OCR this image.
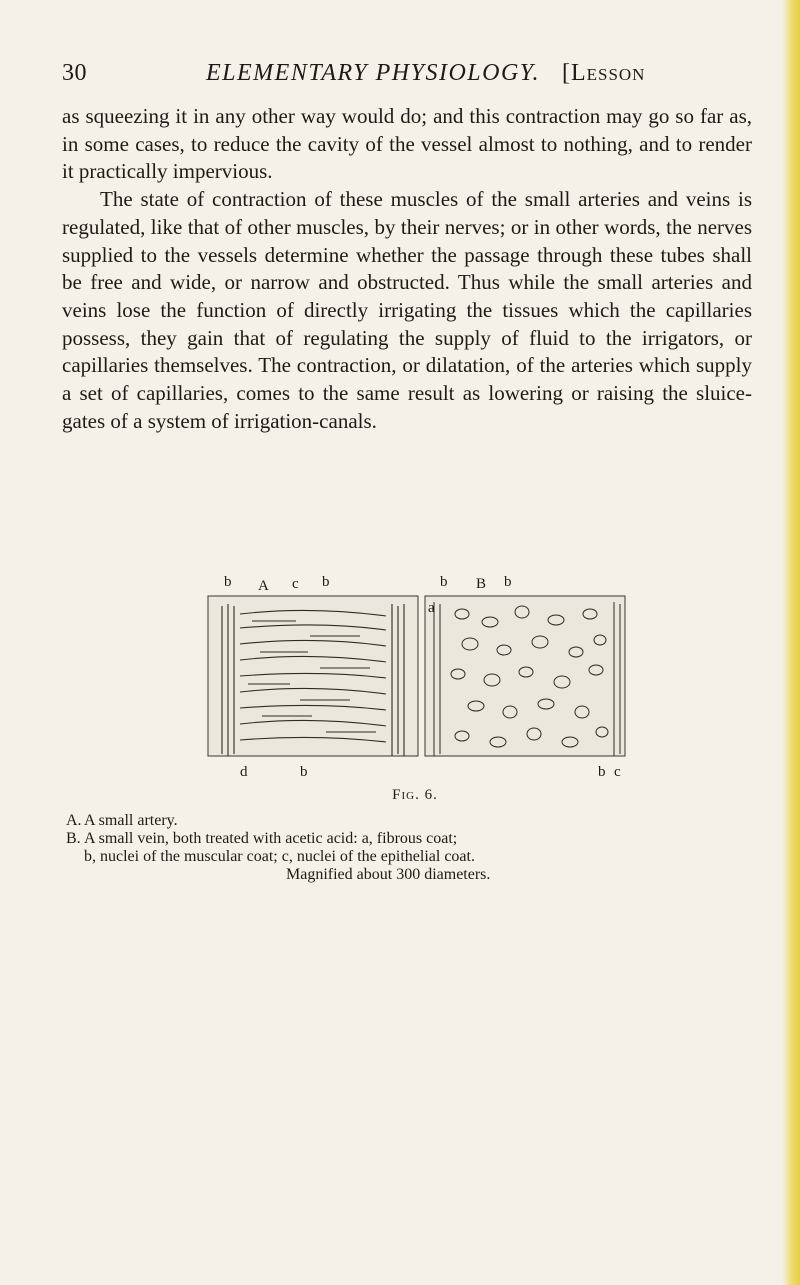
30	ELEMENTARY PHYSIOLOGY. [Lesson

as squeezing it in any other way would do; and this contraction may go so far as, in some cases, to reduce the cavity of the vessel almost to nothing, and to render it practically impervious.

The state of contraction of these muscles of the small arteries and veins is regulated, like that of other muscles, by their nerves; or in other words, the nerves supplied to the vessels determine whether the passage through these tubes shall be free and wide, or narrow and obstructed. Thus while the small arteries and veins lose the function of directly irrigating the tissues which the capillaries possess, they gain that of regulating the supply of fluid to the irrigators, or capillaries themselves. The contraction, or dilatation, of the arteries which supply a set of capillaries, comes to the same result as lowering or raising the sluice-gates of a system of irrigation-canals.

b A c b	b B b
a
d	b	b c
Fig. 6.
A. A small artery.
B. A small vein, both treated with acetic acid: a, fibrous coat;
b, nuclei of the muscular coat; c, nuclei of the epithelial coat.
Magnified about 300 diameters.
